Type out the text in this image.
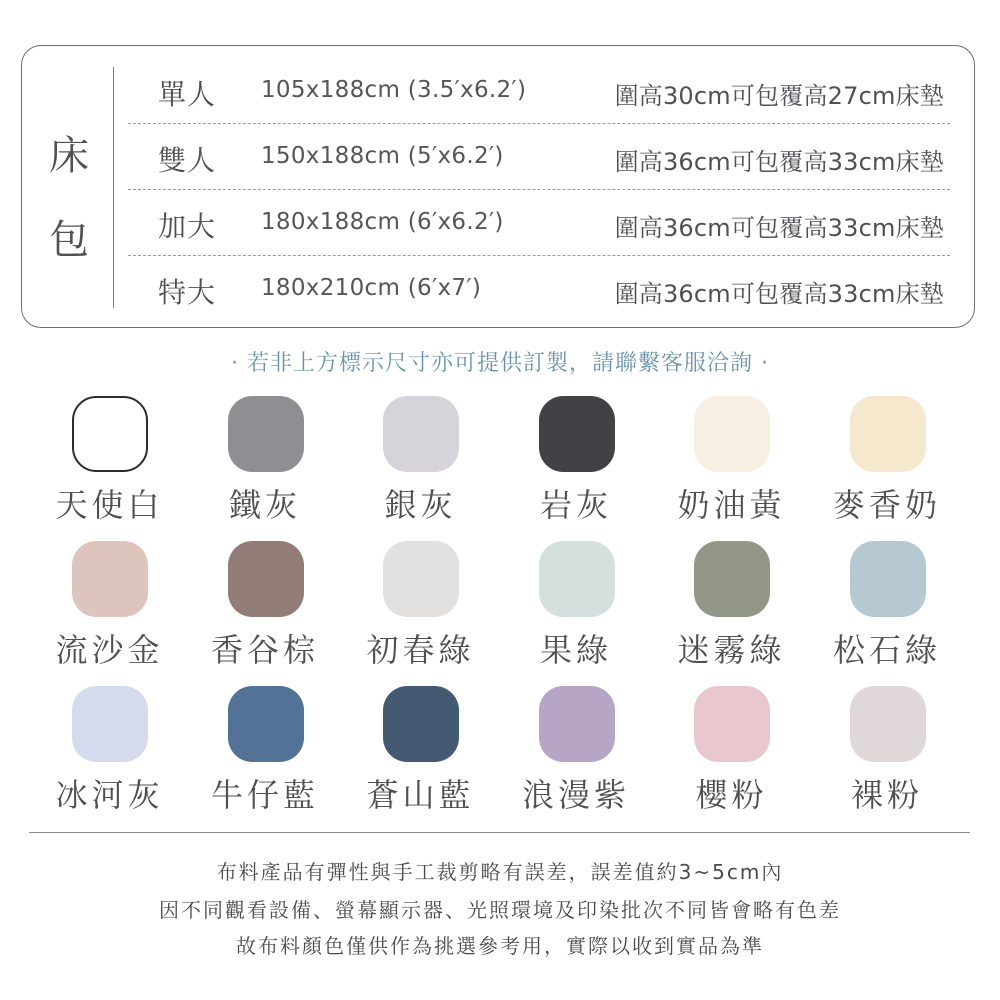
床包
單人 105x188cm (3.5′x6.2′)	圍高30cm可包覆高27cm床墊
雙人 150x188cm (5′x6.2′)	圍高36cm可包覆高33cm床墊
加大 180x188cm (6′x6.2′)	圍高36cm可包覆高33cm床墊
特大 180x210cm (6′x7′)	圍高36cm可包覆高33cm床墊
· 若非上方標示尺寸亦可提供訂製，請聯繫客服洽詢 ·
天使白	鐵灰	銀灰	岩灰	奶油黃	麥香奶
流沙金	香谷棕	初春綠	果綠	迷霧綠	松石綠
冰河灰	牛仔藍	蒼山藍	浪漫紫	櫻粉	裸粉
布料產品有彈性與手工裁剪略有誤差，誤差值約3~5cm內
因不同觀看設備、螢幕顯示器、光照環境及印染批次不同皆會略有色差
故布料顏色僅供作為挑選參考用，實際以收到實品為準
